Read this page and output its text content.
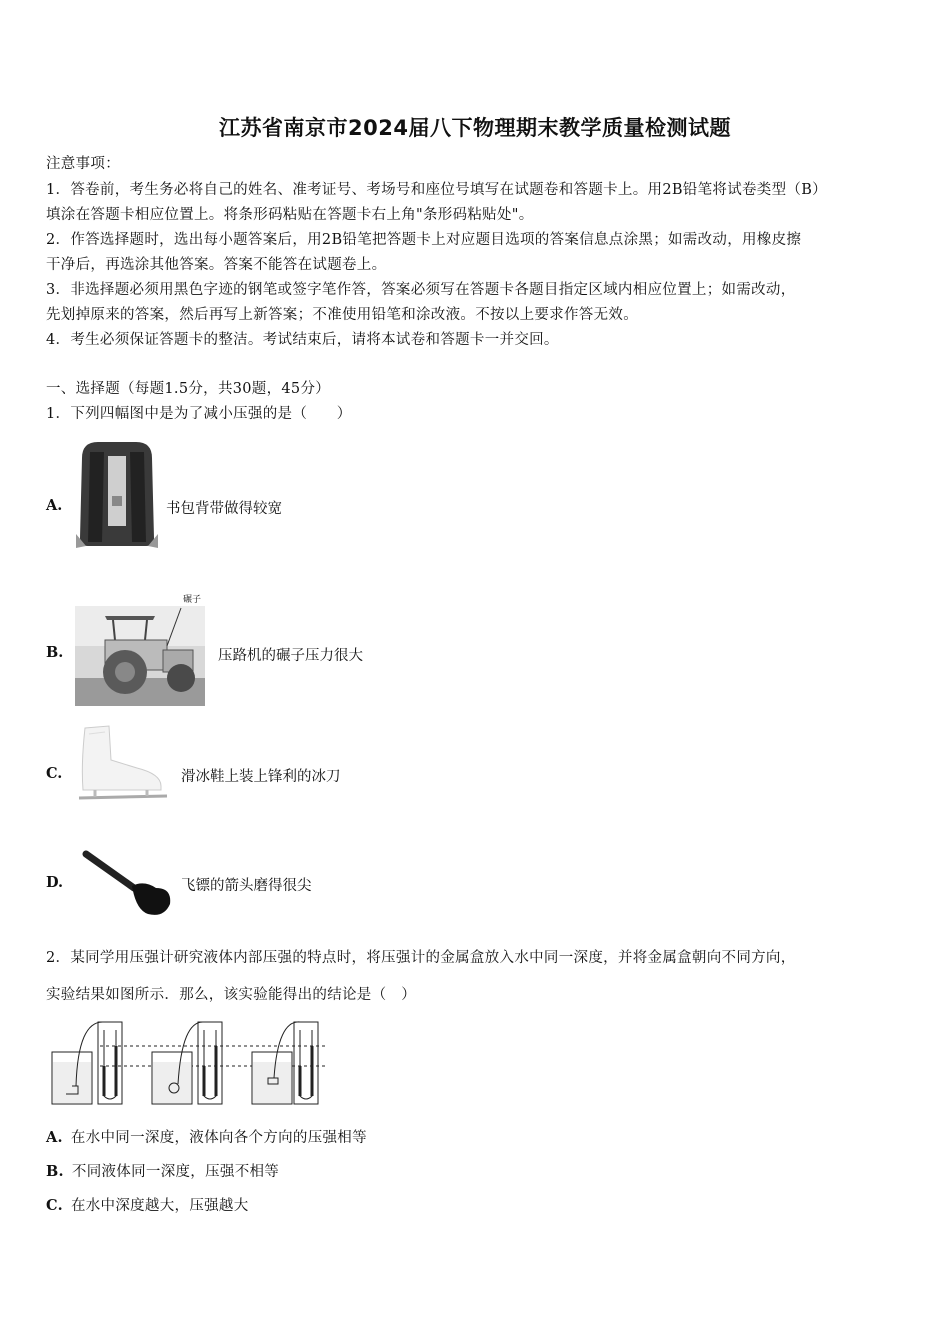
江苏省南京市2024届八下物理期末教学质量检测试题
注意事项：
1．答卷前，考生务必将自己的姓名、准考证号、考场号和座位号填写在试题卷和答题卡上。用2B铅笔将试卷类型（B）
填涂在答题卡相应位置上。将条形码粘贴在答题卡右上角"条形码粘贴处"。
2．作答选择题时，选出每小题答案后，用2B铅笔把答题卡上对应题目选项的答案信息点涂黑；如需改动，用橡皮擦
干净后，再选涂其他答案。答案不能答在试题卷上。
3．非选择题必须用黑色字迹的钢笔或签字笔作答，答案必须写在答题卡各题目指定区域内相应位置上；如需改动，
先划掉原来的答案，然后再写上新答案；不准使用铅笔和涂改液。不按以上要求作答无效。
4．考生必须保证答题卡的整洁。考试结束后，请将本试卷和答题卡一并交回。
一、选择题（每题1.5分，共30题，45分）
1．下列四幅图中是为了减小压强的是（　　）
A.	书包背带做得较宽
B.
碾子
压路机的碾子压力很大
C.	滑冰鞋上装上锋利的冰刀
D.	飞镖的箭头磨得很尖
2．某同学用压强计研究液体内部压强的特点时，将压强计的金属盒放入水中同一深度，并将金属盒朝向不同方向，
实验结果如图所示．那么，该实验能得出的结论是（　）
A. 在水中同一深度，液体向各个方向的压强相等
B. 不同液体同一深度，压强不相等
C. 在水中深度越大，压强越大
